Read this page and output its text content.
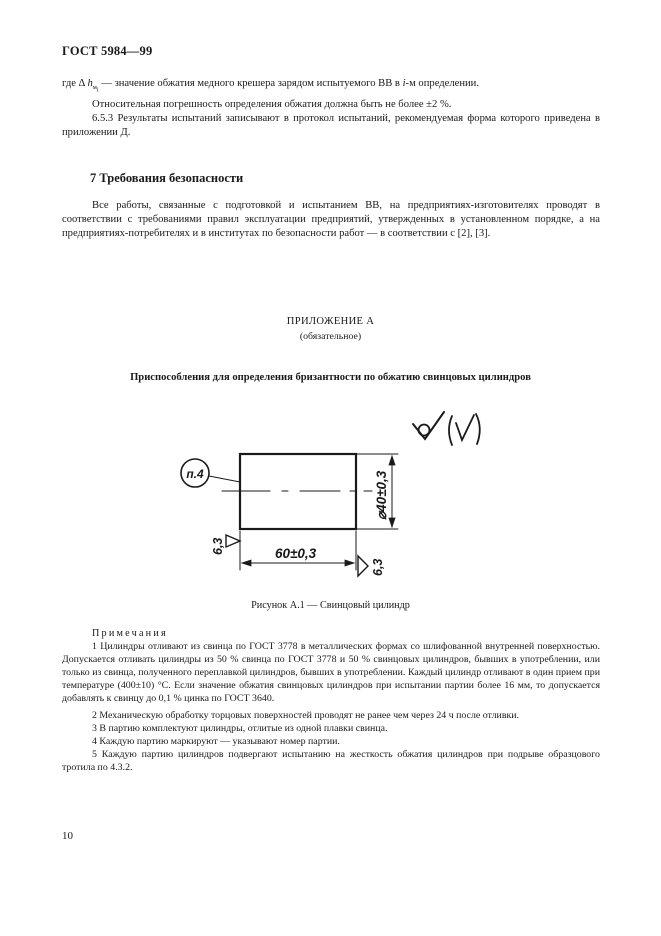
ГОСТ 5984—99
где Δ $h_{м_i}$ — значение обжатия медного крешера зарядом испытуемого ВВ в i-м определении.
Относительная погрешность определения обжатия должна быть не более ±2 %.
6.5.3 Результаты испытаний записывают в протокол испытаний, рекомендуемая форма которого приведена в приложении Д.
7 Требования безопасности
Все работы, связанные с подготовкой и испытанием ВВ, на предприятиях-изготовителях проводят в соответствии с требованиями правил эксплуатации предприятий, утвержденных в установленном порядке, а на предприятиях-потребителях и в институтах по безопасности работ — в соответствии с [2], [3].
ПРИЛОЖЕНИЕ А
(обязательное)
Приспособления для определения бризантности по обжатию свинцовых цилиндров
п.4	⌀40±0,3
60±0,3
6,3
6,3
Рисунок А.1 — Свинцовый цилиндр
Примечания
1 Цилиндры отливают из свинца по ГОСТ 3778 в металлических формах со шлифованной внутренней поверхностью. Допускается отливать цилиндры из 50 % свинца по ГОСТ 3778 и 50 % свинцовых цилиндров, бывших в употреблении, или только из свинца, полученного переплавкой цилиндров, бывших в употреблении. Каждый цилиндр отливают в один прием при температуре (400±10) °С. Если значение обжатия свинцовых цилиндров при испытании партии более 16 мм, то допускается добавлять к свинцу до 0,1 % цинка по ГОСТ 3640.
2 Механическую обработку торцовых поверхностей проводят не ранее чем через 24 ч после отливки.
3 В партию комплектуют цилиндры, отлитые из одной плавки свинца.
4 Каждую партию маркируют — указывают номер партии.
5 Каждую партию цилиндров подвергают испытанию на жесткость обжатия цилиндров при подрыве образцового тротила по 4.3.2.
10
